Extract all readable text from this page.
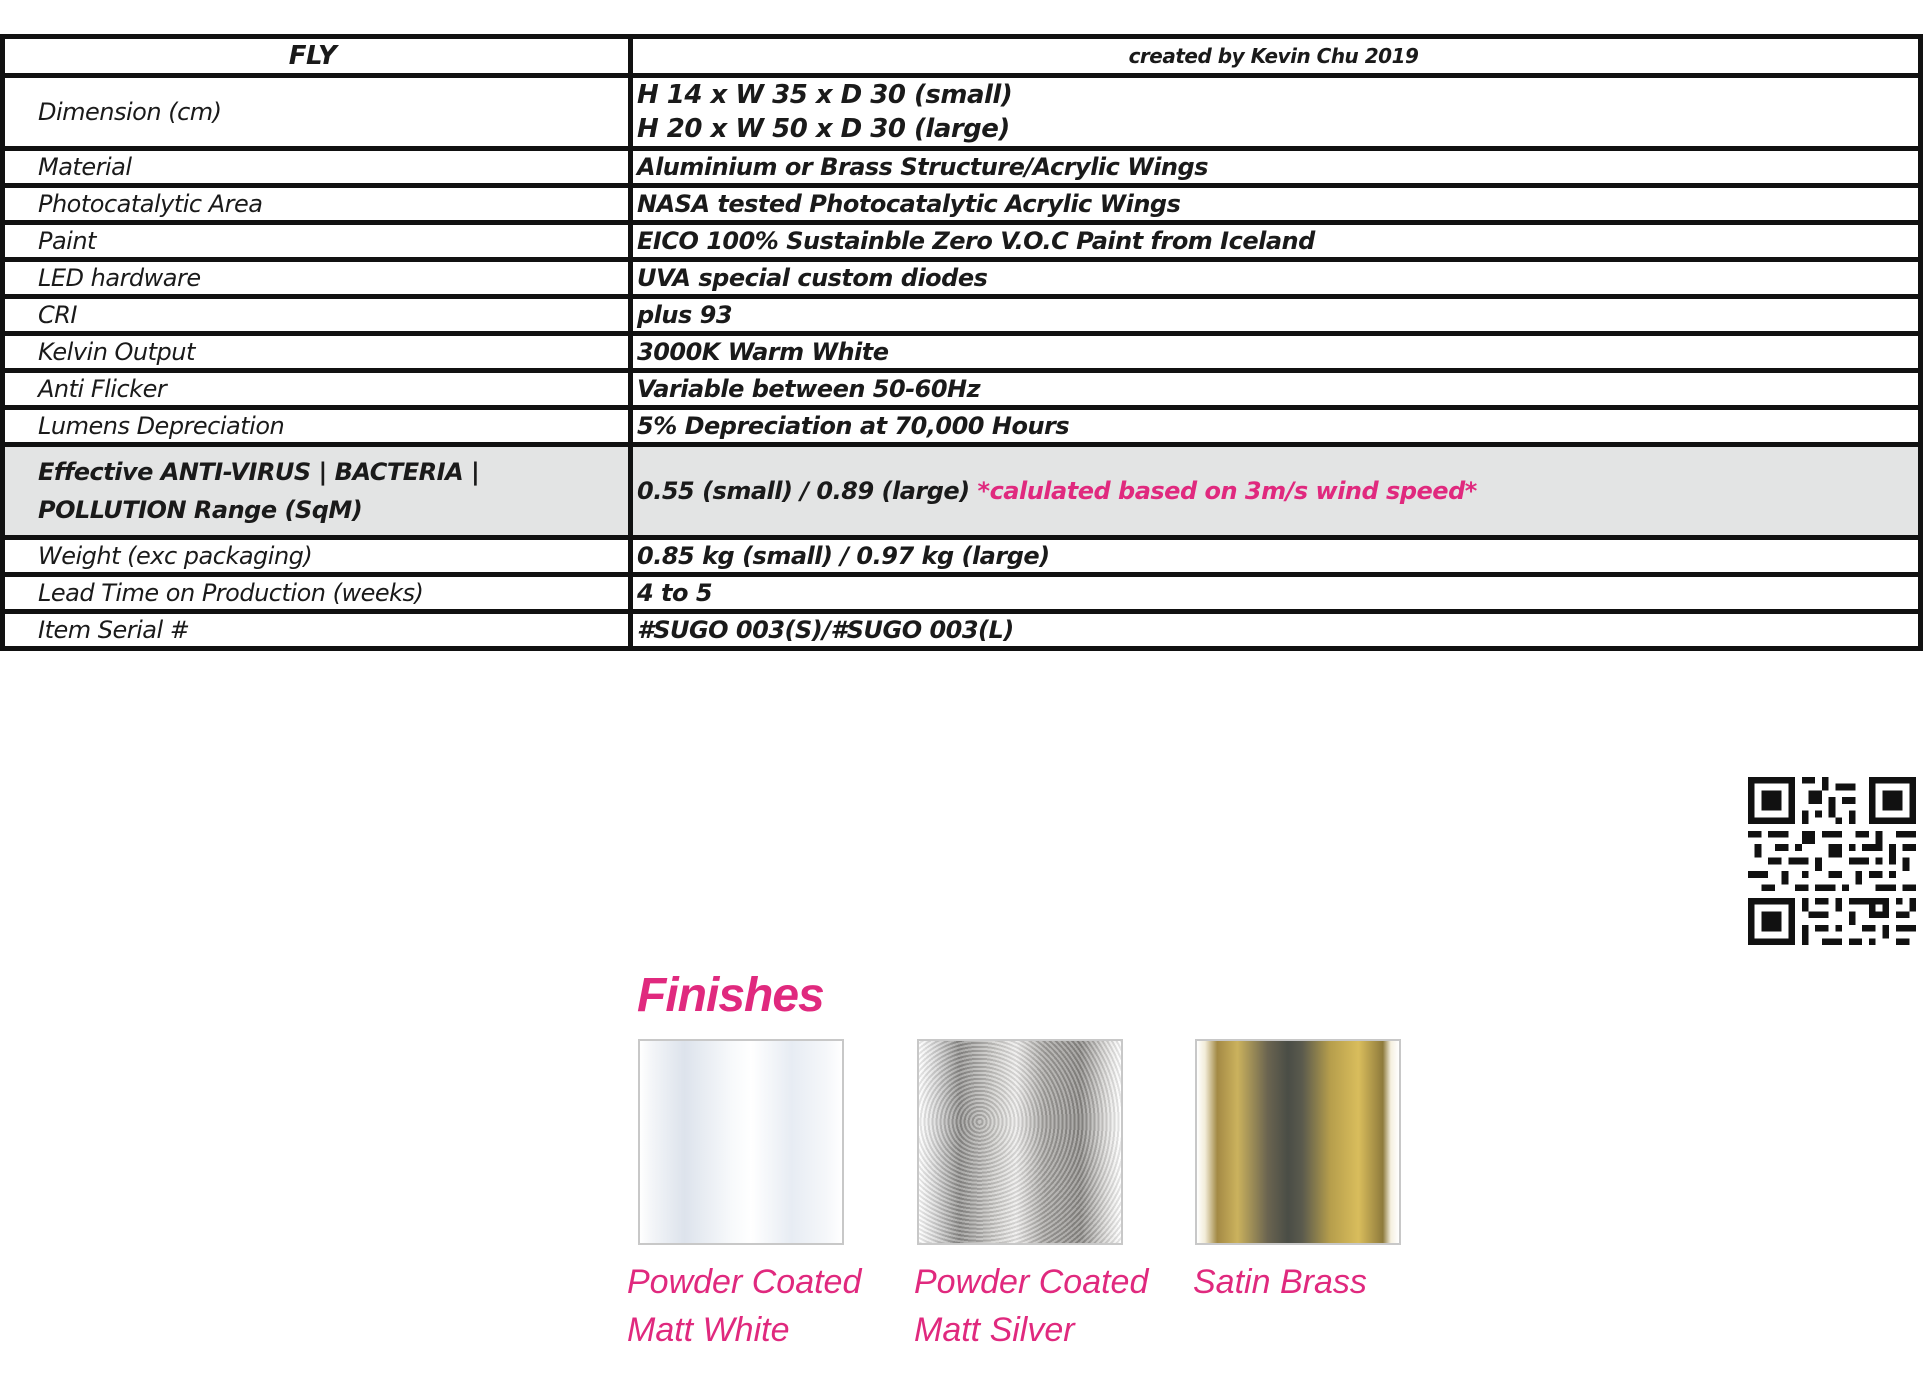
FLY	created by Kevin Chu 2019
Dimension (cm)	H 14 x W 35 x D 30 (small)
H 20 x W 50 x D 30 (large)

Material	Aluminium or Brass Structure/Acrylic Wings
Photocatalytic Area	NASA tested Photocatalytic Acrylic Wings
Paint	EICO 100% Sustainble Zero V.O.C Paint from Iceland
LED hardware	UVA special custom diodes
CRI	plus 93
Kelvin Output	3000K Warm White
Anti Flicker	Variable between 50-60Hz
Lumens Depreciation	5% Depreciation at 70,000 Hours
Effective ANTI-VIRUS | BACTERIA | POLLUTION Range (SqM)	0.55 (small) / 0.89 (large) *calulated based on 3m/s wind speed*
Weight (exc packaging)	0.85 kg (small) / 0.97 kg (large)
Lead Time on Production (weeks)	4 to 5
Item Serial #	#SUGO 003(S)/#SUGO 003(L)
Finishes
Powder Coated
Matt White
Powder Coated
Matt Silver
Satin Brass
